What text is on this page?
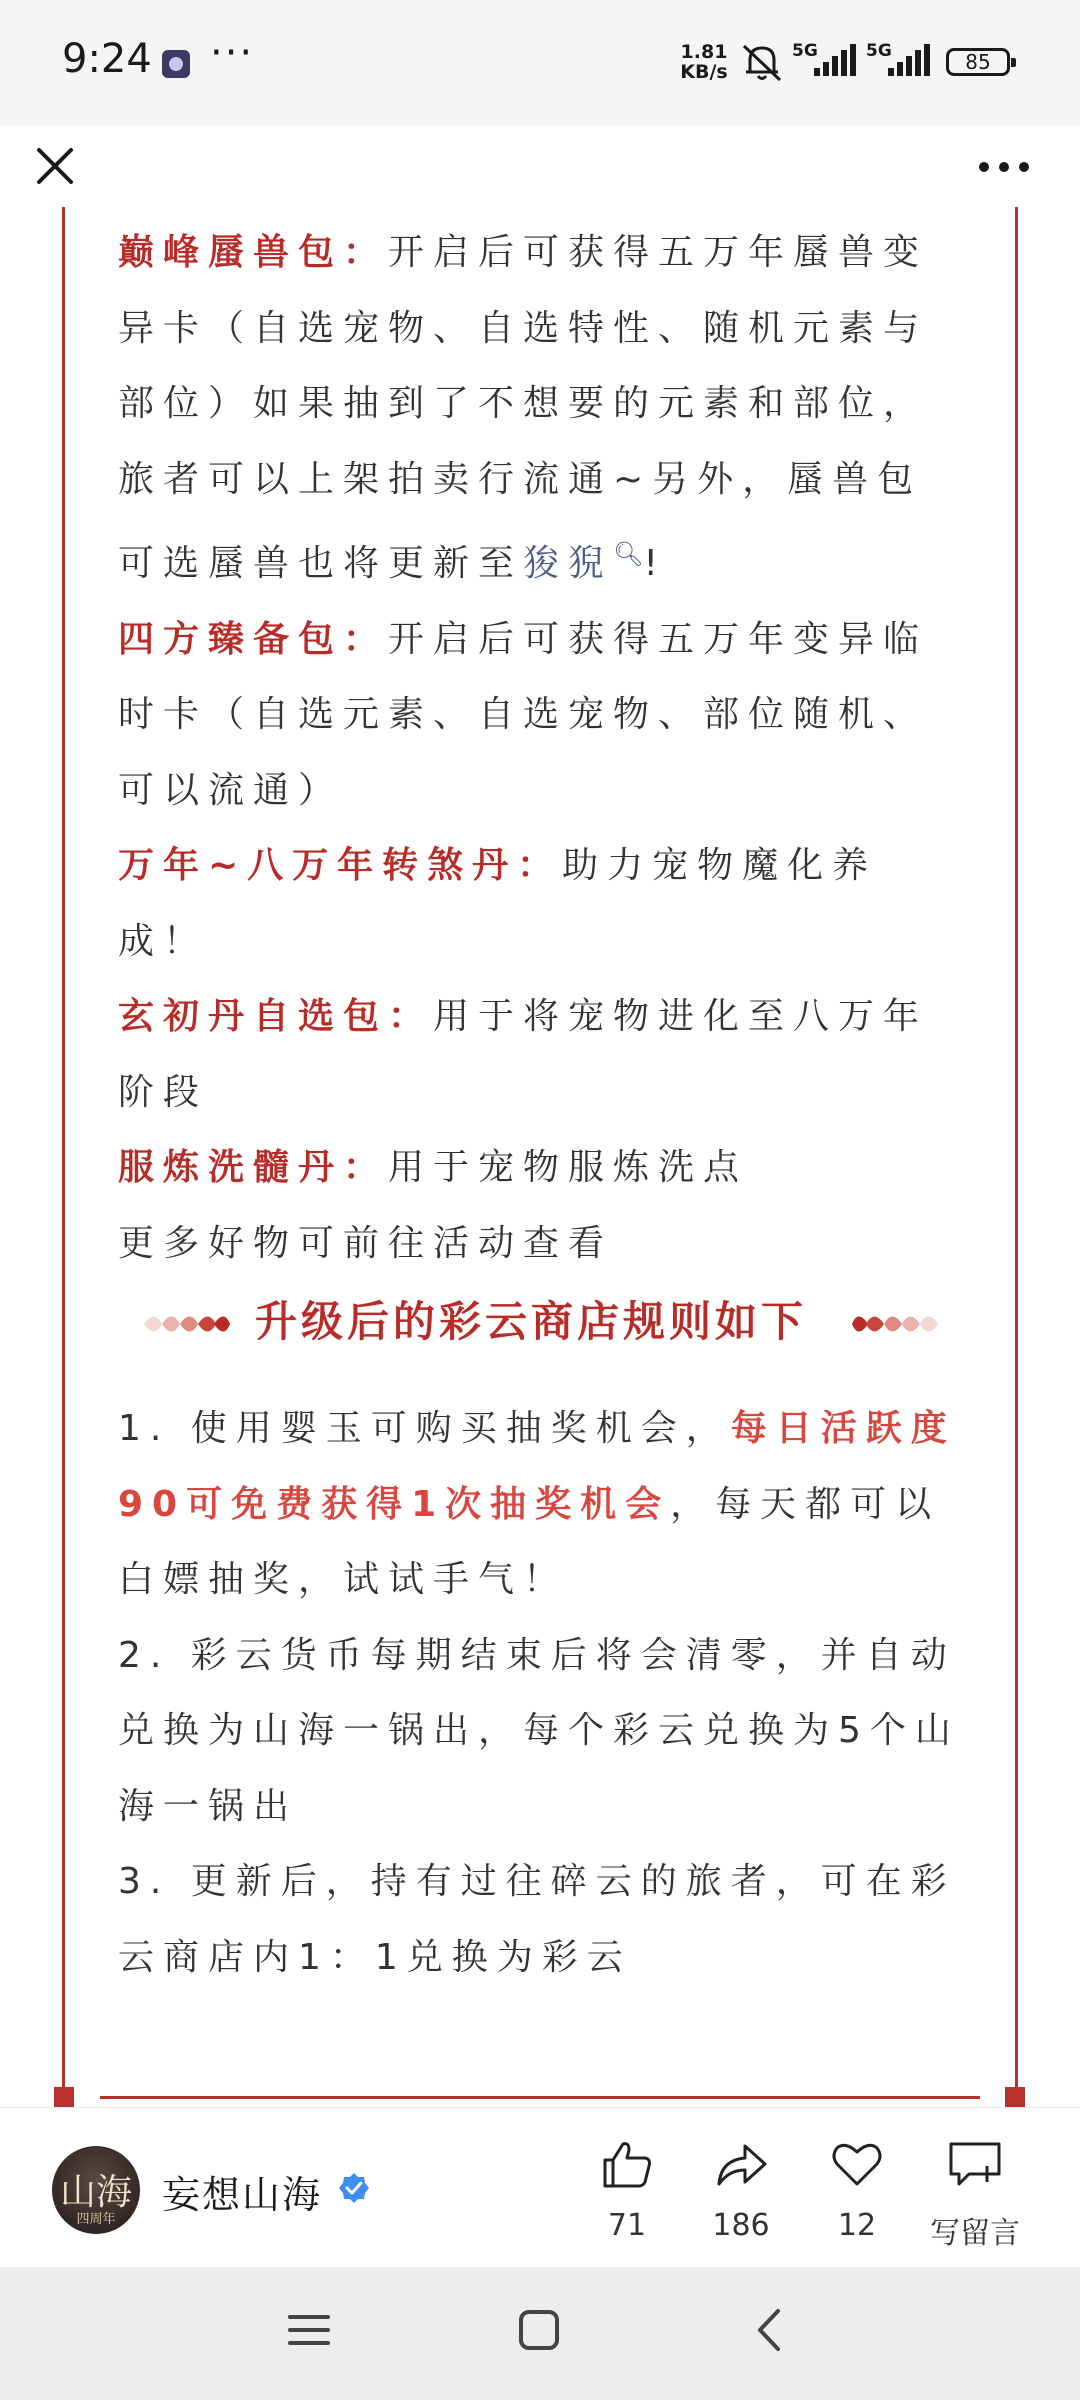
9:24 ···	1.81
KB/s
5G	5G	85

巅峰蜃兽包：开启后可获得五万年蜃兽变异卡（自选宠物、自选特性、随机元素与部位）如果抽到了不想要的元素和部位，旅者可以上架拍卖行流通~另外，蜃兽包可选蜃兽也将更新至狻猊🔍︎!

四方臻备包：开启后可获得五万年变异临时卡（自选元素、自选宠物、部位随机、可以流通）

万年~八万年转煞丹：助力宠物魔化养成！

玄初丹自选包：用于将宠物进化至八万年阶段

服炼洗髓丹：用于宠物服炼洗点

更多好物可前往活动查看

升级后的彩云商店规则如下

1. 使用婴玉可购买抽奖机会，每日活跃度90可免费获得1次抽奖机会，每天都可以白嫖抽奖，试试手气！

2. 彩云货币每期结束后将会清零，并自动兑换为山海一锅出，每个彩云兑换为5个山海一锅出

3. 更新后，持有过往碎云的旅者，可在彩云商店内1：1兑换为彩云

山海
四周年
妄想山海
71	186	12	写留言
